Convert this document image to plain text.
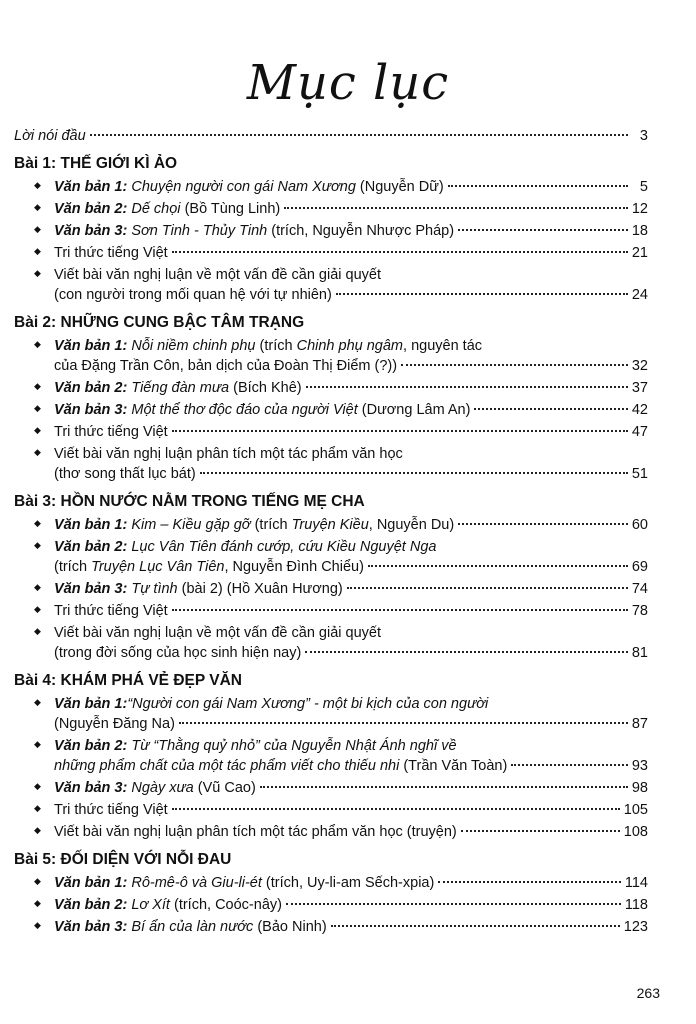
Mục lục
Lời nói đầu	3
Bài 1: THẾ GIỚI KÌ ẢO
◆ Văn bản 1:
Chuyện người con gái Nam Xương
(Nguyễn Dữ)	5
◆ Văn bản 2:
Dế chọi
(Bồ Tùng Linh)	12
◆ Văn bản 3:
Sơn Tinh - Thủy Tinh
(trích, Nguyễn Nhược Pháp)	18
◆ Tri thức tiếng Việt	21
◆ Viết bài văn nghị luận về một vấn đề cần giải quyết
(con người trong mối quan hệ với tự nhiên)	24
Bài 2: NHỮNG CUNG BẬC TÂM TRẠNG
◆ Văn bản 1:
Nỗi niềm chinh phụ
(trích
Chinh phụ ngâm , nguyên tác
của Đặng Trần Côn, bản dịch của Đoàn Thị Điểm (?))	32
◆ Văn bản 2:
Tiếng đàn mưa
(Bích Khê)	37
◆ Văn bản 3:
Một thể thơ độc đáo của người Việt
(Dương Lâm An)	42
◆ Tri thức tiếng Việt	47
◆ Viết bài văn nghị luận phân tích một tác phẩm văn học
(thơ song thất lục bát)	51
Bài 3: HỒN NƯỚC NẰM TRONG TIẾNG MẸ CHA
◆ Văn bản 1:
Kim – Kiều gặp gỡ
(trích
Truyện Kiều , Nguyễn Du)	60
◆ Văn bản 2:
Lục Vân Tiên đánh cướp, cứu Kiều Nguyệt Nga
(trích
Truyện Lục Vân Tiên , Nguyễn Đình Chiểu)	69
◆ Văn bản 3:
Tự tình
(bài 2) (Hồ Xuân Hương)	74
◆ Tri thức tiếng Việt	78
◆ Viết bài văn nghị luận về một vấn đề cần giải quyết
(trong đời sống của học sinh hiện nay)	81
Bài 4: KHÁM PHÁ VẺ ĐẸP VĂN
◆ Văn bản 1: “Người con gái Nam Xương” - một bi kịch của con người
(Nguyễn Đăng Na)	87
◆ Văn bản 2:
Từ “Thằng quỷ nhỏ” của Nguyễn Nhật Ánh nghĩ về
những phẩm chất của một tác phẩm viết cho thiếu nhi
(Trần Văn Toàn)	93
◆ Văn bản 3:
Ngày xưa
(Vũ Cao)	98
◆ Tri thức tiếng Việt	105
◆ Viết bài văn nghị luận phân tích một tác phẩm văn học (truyện)	108
Bài 5: ĐỐI DIỆN VỚI NỖI ĐAU
◆ Văn bản 1:
Rô-mê-ô và Giu-li-ét
(trích, Uy-li-am Sếch-xpia)	114
◆ Văn bản 2:
Lơ Xít
(trích, Coóc-nây)	118
◆ Văn bản 3:
Bí ẩn của làn nước
(Bảo Ninh)	123
263
